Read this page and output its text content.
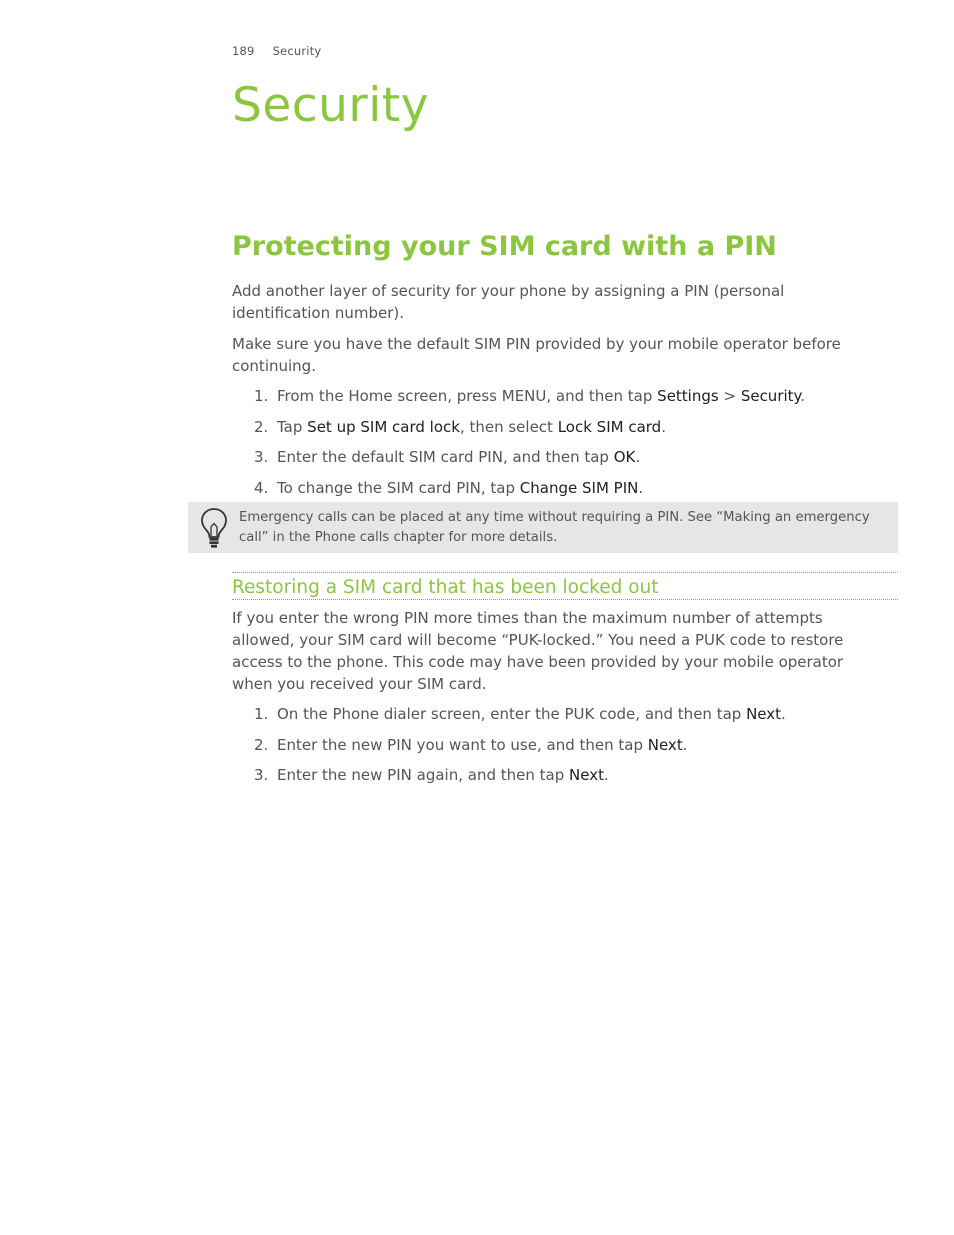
189 Security
Security
Protecting your SIM card with a PIN

Add another layer of security for your phone by assigning a PIN (personal identification number).

Make sure you have the default SIM PIN provided by your mobile operator before continuing.

1. From the Home screen, press MENU, and then tap Settings > Security.
2. Tap Set up SIM card lock, then select Lock SIM card.
3. Enter the default SIM card PIN, and then tap OK.
4. To change the SIM card PIN, tap Change SIM PIN.
Emergency calls can be placed at any time without requiring a PIN. See “Making an emergency call” in the Phone calls chapter for more details.
Restoring a SIM card that has been locked out

If you enter the wrong PIN more times than the maximum number of attempts allowed, your SIM card will become “PUK-locked.” You need a PUK code to restore access to the phone. This code may have been provided by your mobile operator when you received your SIM card.

1. On the Phone dialer screen, enter the PUK code, and then tap Next.
2. Enter the new PIN you want to use, and then tap Next.
3. Enter the new PIN again, and then tap Next.
